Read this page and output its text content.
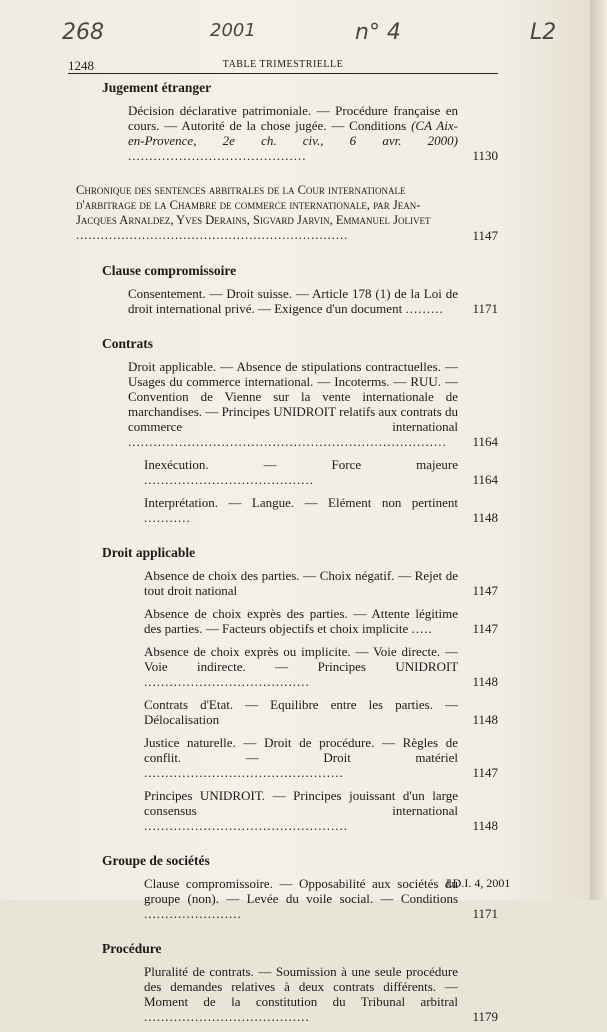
268	2001	n° 4	L2
1248	TABLE TRIMESTRIELLE
Jugement étranger
Décision déclarative patrimoniale. — Procédure française en cours. — Autorité de la chose jugée. — Conditions (CA Aix-en-Provence, 2e ch. civ., 6 avr. 2000) ..........................................	1130
Chronique des sentences arbitrales de la Cour internationale d'arbitrage de la Chambre de commerce internationale, par Jean-Jacques Arnaldez, Yves Derains, Sigvard Jarvin, Emmanuel Jolivet ..................................................................	1147
Clause compromissoire
Consentement. — Droit suisse. — Article 178 (1) de la Loi de droit international privé. — Exigence d'un document ......... 1171
Contrats
Droit applicable. — Absence de stipulations contractuelles. — Usages du commerce international. — Incoterms. — RUU. — Convention de Vienne sur la vente internationale de marchandises. — Principes UNIDROIT relatifs aux contrats du commerce international ........................................................................... 1164
Inexécution. — Force majeure ........................................	1164
Interprétation. — Langue. — Elément non pertinent ...........	1148
Droit applicable
Absence de choix des parties. — Choix négatif. — Rejet de tout droit national	1147
Absence de choix exprès des parties. — Attente légitime des parties. — Facteurs objectifs et choix implicite .....	1147
Absence de choix exprès ou implicite. — Voie directe. — Voie indirecte. — Principes UNIDROIT .......................................	1148
Contrats d'Etat. — Equilibre entre les parties. — Délocalisation	1148
Justice naturelle. — Droit de procédure. — Règles de conflit. — Droit matériel ...............................................	1147
Principes UNIDROIT. — Principes jouissant d'un large consensus international ................................................	1148
Groupe de sociétés
Clause compromissoire. — Opposabilité aux sociétés du groupe (non). — Levée du voile social. — Conditions .......................	1171
Procédure
Pluralité de contrats. — Soumission à une seule procédure des demandes relatives à deux contrats différents. — Moment de la constitution du Tribunal arbitral .......................................	1179
J.D.I. 4, 2001
